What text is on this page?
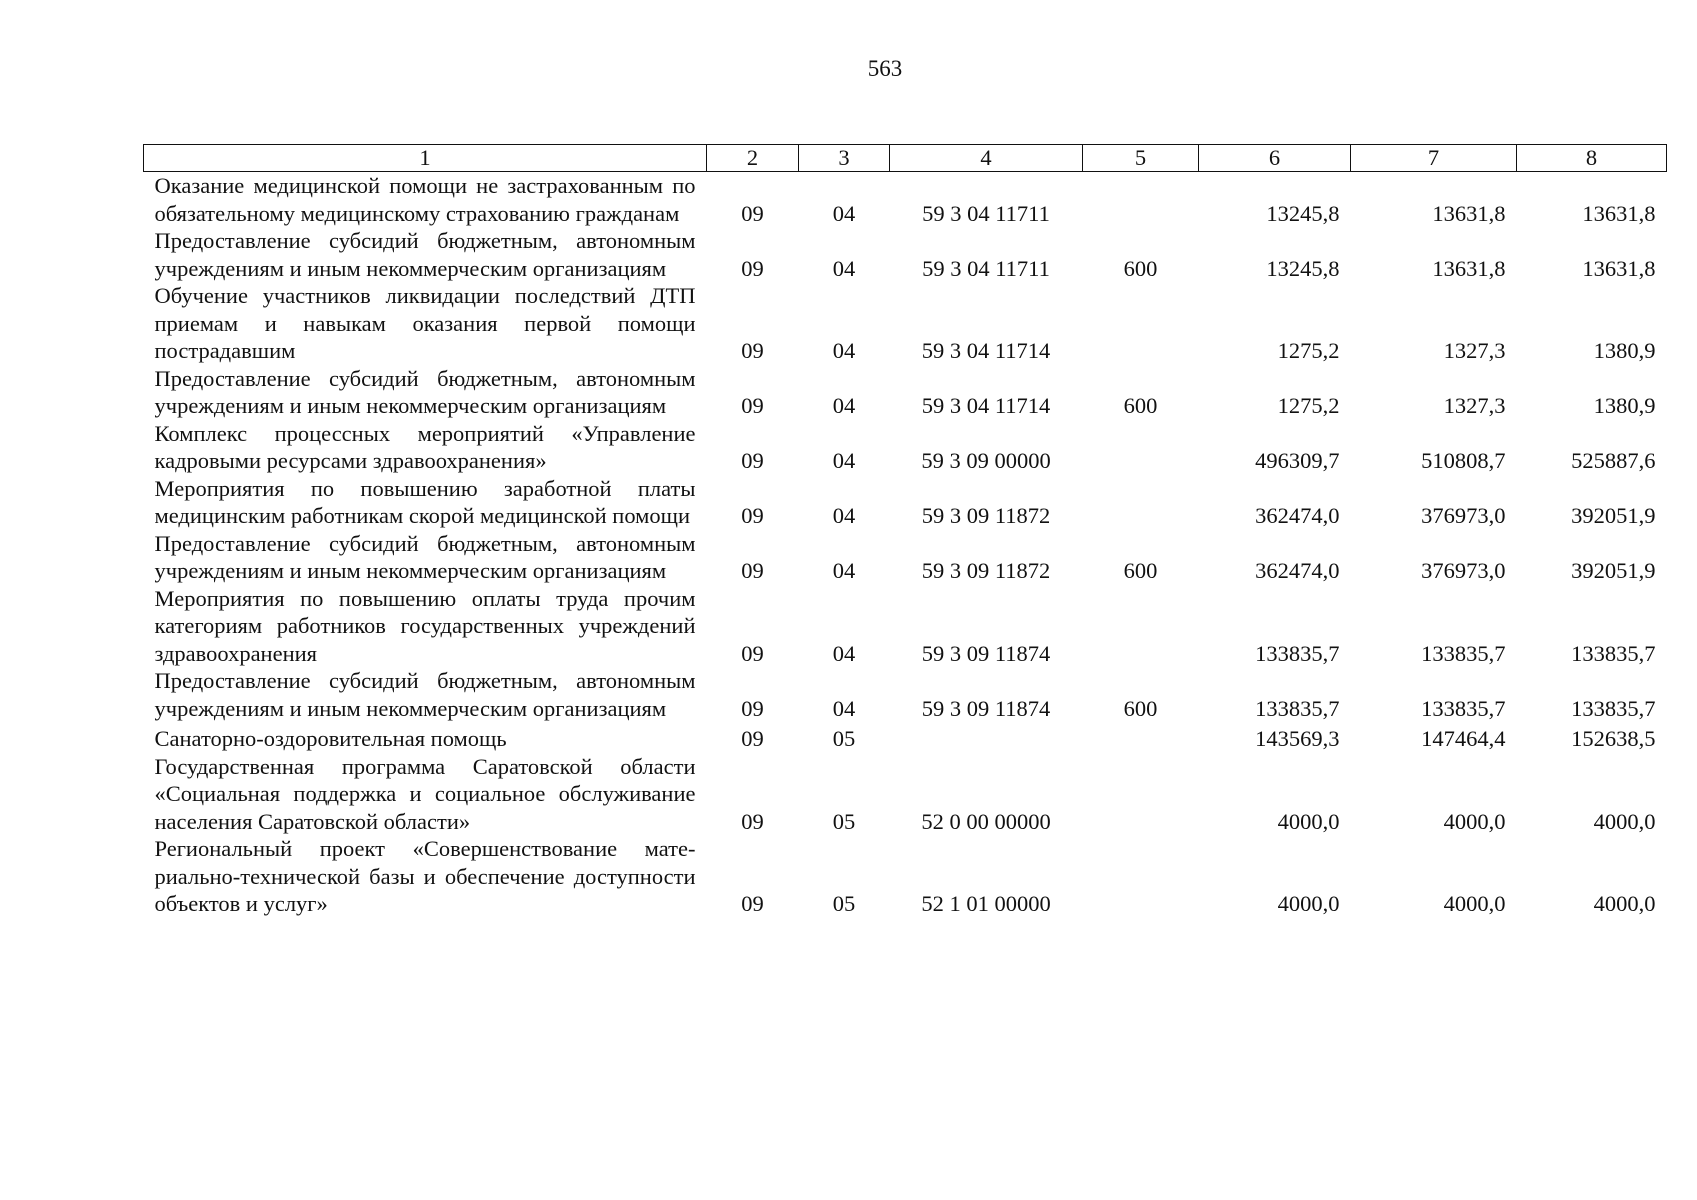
563
1	2	3	4	5	6	7	8
Оказание медицинской помощи не застрахованным по обязательному медицинскому страхованию гражданам	09	04	59 3 04 11711		13245,8	13631,8	13631,8
Предоставление субсидий бюджетным, автономным учреждениям и иным некоммерческим организациям	09	04	59 3 04 11711	600	13245,8	13631,8	13631,8
Обучение участников ликвидации последствий ДТП приемам и навыкам оказания первой помощи пострадавшим	09	04	59 3 04 11714		1275,2	1327,3	1380,9
Предоставление субсидий бюджетным, автономным учреждениям и иным некоммерческим организациям	09	04	59 3 04 11714	600	1275,2	1327,3	1380,9
Комплекс процессных мероприятий «Управление кадровыми ресурсами здравоохранения»	09	04	59 3 09 00000		496309,7	510808,7	525887,6
Мероприятия по повышению заработной платы медицинским работникам скорой медицинской помощи	09	04	59 3 09 11872		362474,0	376973,0	392051,9
Предоставление субсидий бюджетным, автономным учреждениям и иным некоммерческим организациям	09	04	59 3 09 11872	600	362474,0	376973,0	392051,9
Мероприятия по повышению оплаты труда прочим категориям работников государственных учреждений здравоохранения	09	04	59 3 09 11874		133835,7	133835,7	133835,7
Предоставление субсидий бюджетным, автономным учреждениям и иным некоммерческим организациям	09	04	59 3 09 11874	600	133835,7	133835,7	133835,7
Санаторно-оздоровительная помощь	09	05			143569,3	147464,4	152638,5
Государственная программа Саратовской области «Социальная поддержка и социальное обслуживание населения Саратовской области»	09	05	52 0 00 00000		4000,0	4000,0	4000,0
Региональный проект «Совершенствование материально-технической базы и обеспечение доступности объектов и услуг»	09	05	52 1 01 00000		4000,0	4000,0	4000,0
